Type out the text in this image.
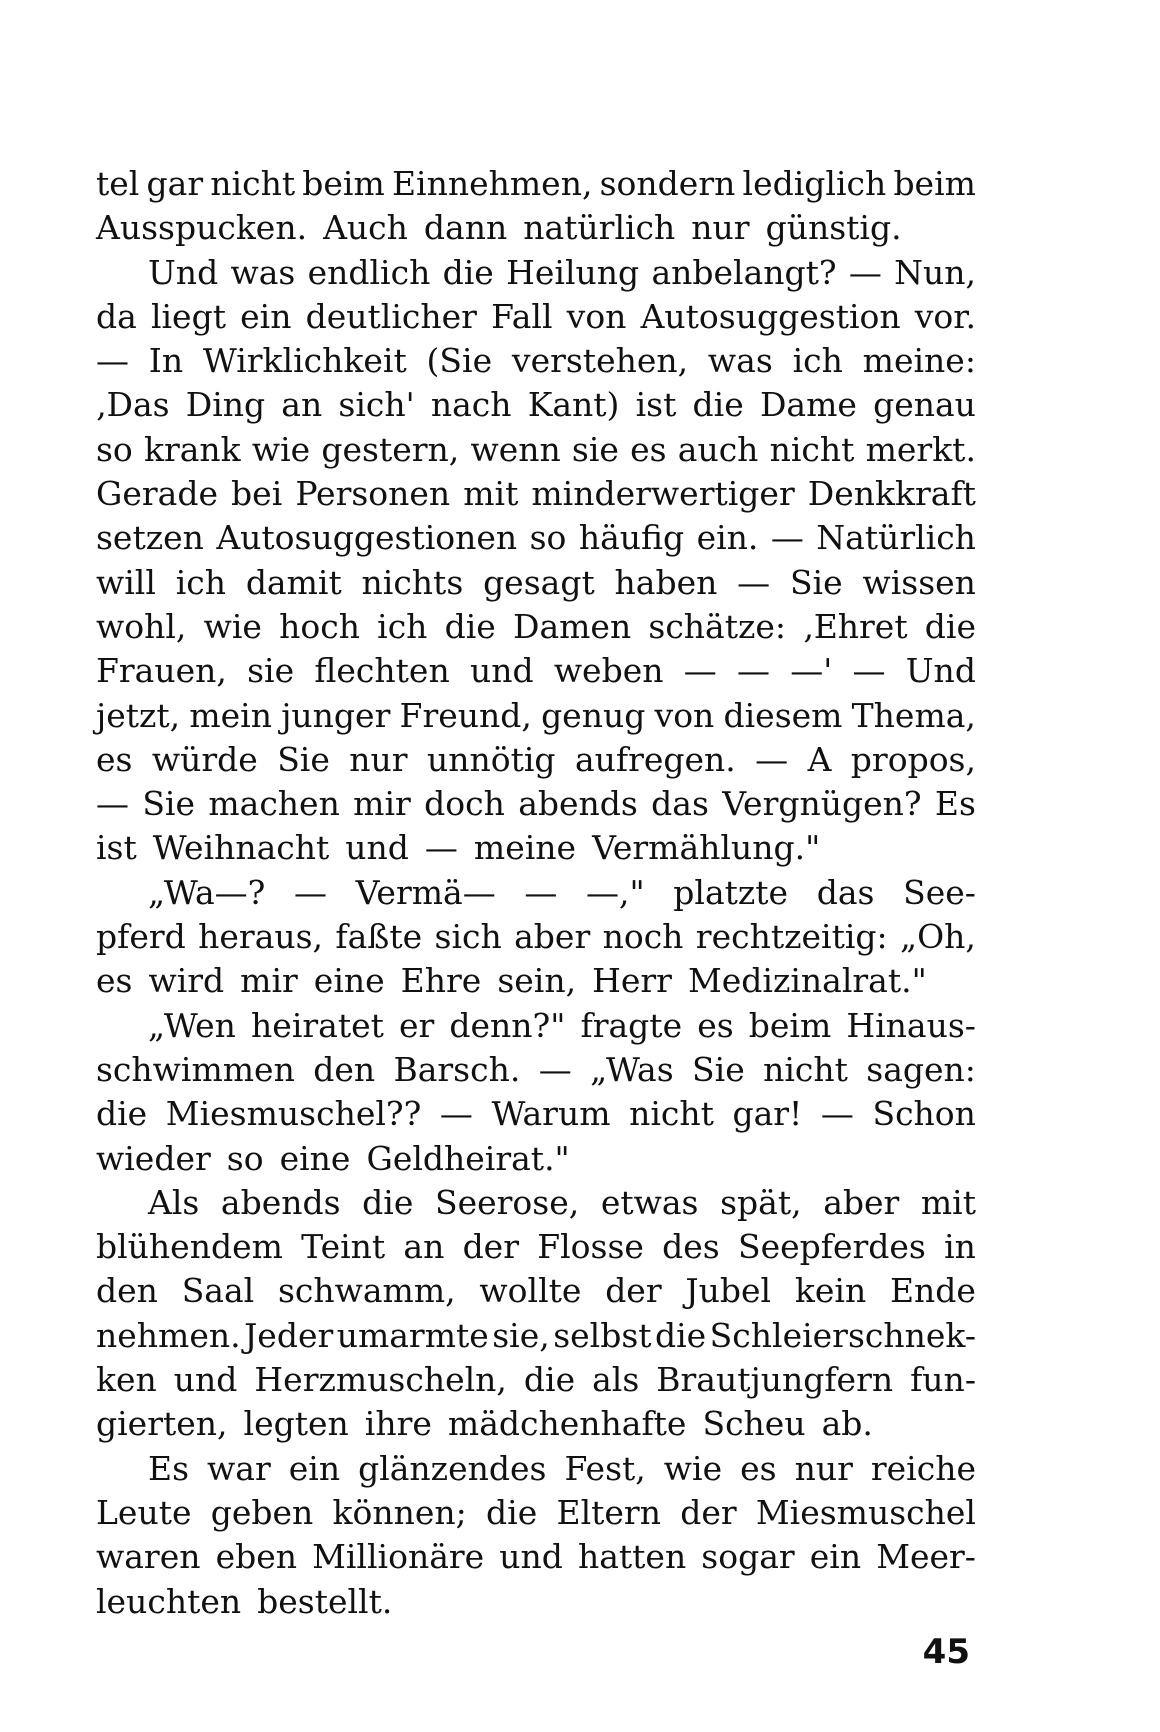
tel gar nicht beim Einnehmen, sondern lediglich beim
Ausspucken. Auch dann natürlich nur günstig.
Und was endlich die Heilung anbelangt? — Nun,
da liegt ein deutlicher Fall von Autosuggestion vor.
— In Wirklichkeit (Sie verstehen, was ich meine:
‚Das Ding an sich' nach Kant) ist die Dame genau
so krank wie gestern, wenn sie es auch nicht merkt.
Gerade bei Personen mit minderwertiger Denkkraft
setzen Autosuggestionen so häufig ein. — Natürlich
will ich damit nichts gesagt haben — Sie wissen
wohl, wie hoch ich die Damen schätze: ‚Ehret die
Frauen, sie flechten und weben — — —' — Und
jetzt, mein junger Freund, genug von diesem Thema,
es würde Sie nur unnötig aufregen. — A propos,
— Sie machen mir doch abends das Vergnügen? Es
ist Weihnacht und — meine Vermählung."
„Wa—? — Vermä— — —," platzte das See-
pferd heraus, faßte sich aber noch rechtzeitig: „Oh,
es wird mir eine Ehre sein, Herr Medizinalrat."
„Wen heiratet er denn?" fragte es beim Hinaus-
schwimmen den Barsch. — „Was Sie nicht sagen:
die Miesmuschel?? — Warum nicht gar! — Schon
wieder so eine Geldheirat."
Als abends die Seerose, etwas spät, aber mit
blühendem Teint an der Flosse des Seepferdes in
den Saal schwamm, wollte der Jubel kein Ende
nehmen. Jeder umarmte sie, selbst die Schleierschnek-
ken und Herzmuscheln, die als Brautjungfern fun-
gierten, legten ihre mädchenhafte Scheu ab.
Es war ein glänzendes Fest, wie es nur reiche
Leute geben können; die Eltern der Miesmuschel
waren eben Millionäre und hatten sogar ein Meer-
leuchten bestellt.
45
